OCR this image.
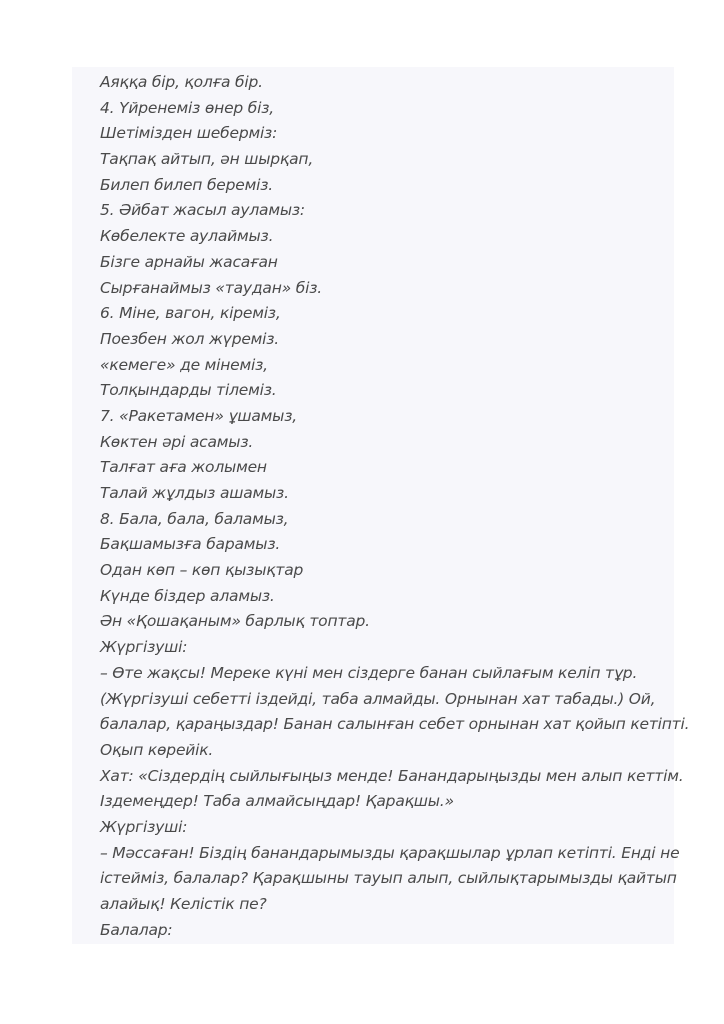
Аяққа бір, қолға бір.
4. Үйренеміз өнер біз,
Шетімізден шеберміз:
Тақпақ айтып, ән шырқап,
Билеп билеп береміз.
5. Әйбат жасыл ауламыз:
Көбелекте аулаймыз.
Бізге арнайы жасаған
Сырғанаймыз «таудан» біз.
6. Міне, вагон, кіреміз,
Поезбен жол жүреміз.
«кемеге» де мінеміз,
Толқындарды тілеміз.
7. «Ракетамен» ұшамыз,
Көктен әрі асамыз.
Талғат аға жолымен
Талай жұлдыз ашамыз.
8. Бала, бала, баламыз,
Бақшамызға барамыз.
Одан көп – көп қызықтар
Күнде біздер аламыз.
Ән «Қошақаным» барлық топтар.
Жүргізуші:
– Өте жақсы! Мереке күні мен сіздерге банан сыйлағым келіп тұр.
(Жүргізуші себетті іздейді, таба алмайды. Орнынан хат табады.) Ой,
балалар, қараңыздар! Банан салынған себет орнынан хат қойып кетіпті.
Оқып көрейік.
Хат: «Сіздердің сыйлығыңыз менде! Банандарыңызды мен алып кеттім.
Іздемеңдер! Таба алмайсыңдар! Қарақшы.»
Жүргізуші:
– Мәссаған! Біздің банандарымызды қарақшылар ұрлап кетіпті. Енді не
істейміз, балалар? Қарақшыны тауып алып, сыйлықтарымызды қайтып
алайық! Келістік пе?
Балалар:
